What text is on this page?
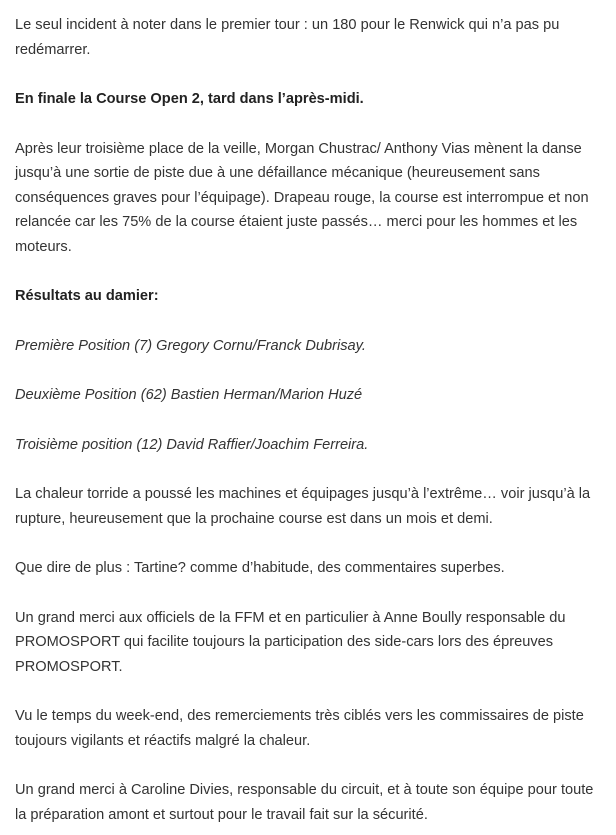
Le seul incident à noter dans le premier tour : un 180 pour le Renwick qui n’a pas pu redémarrer.

En finale la Course Open 2, tard dans l’après-midi.

Après leur troisième place de la veille, Morgan Chustrac/ Anthony Vias mènent la danse jusqu’à une sortie de piste due à une défaillance mécanique (heureusement sans conséquences graves pour l’équipage). Drapeau rouge, la course est interrompue et non relancée car les 75% de la course étaient juste passés… merci pour les hommes et les moteurs.

Résultats au damier:

Première Position (7) Gregory Cornu/Franck Dubrisay.

Deuxième Position (62) Bastien Herman/Marion Huzé

Troisième position (12) David Raffier/Joachim Ferreira.

La chaleur torride a poussé les machines et équipages jusqu’à l’extrême… voir jusqu’à la rupture, heureusement que la prochaine course est dans un mois et demi.

Que dire de plus : Tartine? comme d’habitude, des commentaires superbes.

Un grand merci aux officiels de la FFM et en particulier à Anne Boully responsable du PROMOSPORT qui facilite toujours la participation des side-cars lors des épreuves PROMOSPORT.

Vu le temps du week-end, des remerciements très ciblés vers les commissaires de piste toujours vigilants et réactifs malgré la chaleur.

Un grand merci à Caroline Divies, responsable du circuit, et à toute son équipe pour toute la préparation amont et surtout pour le travail fait sur la sécurité.
